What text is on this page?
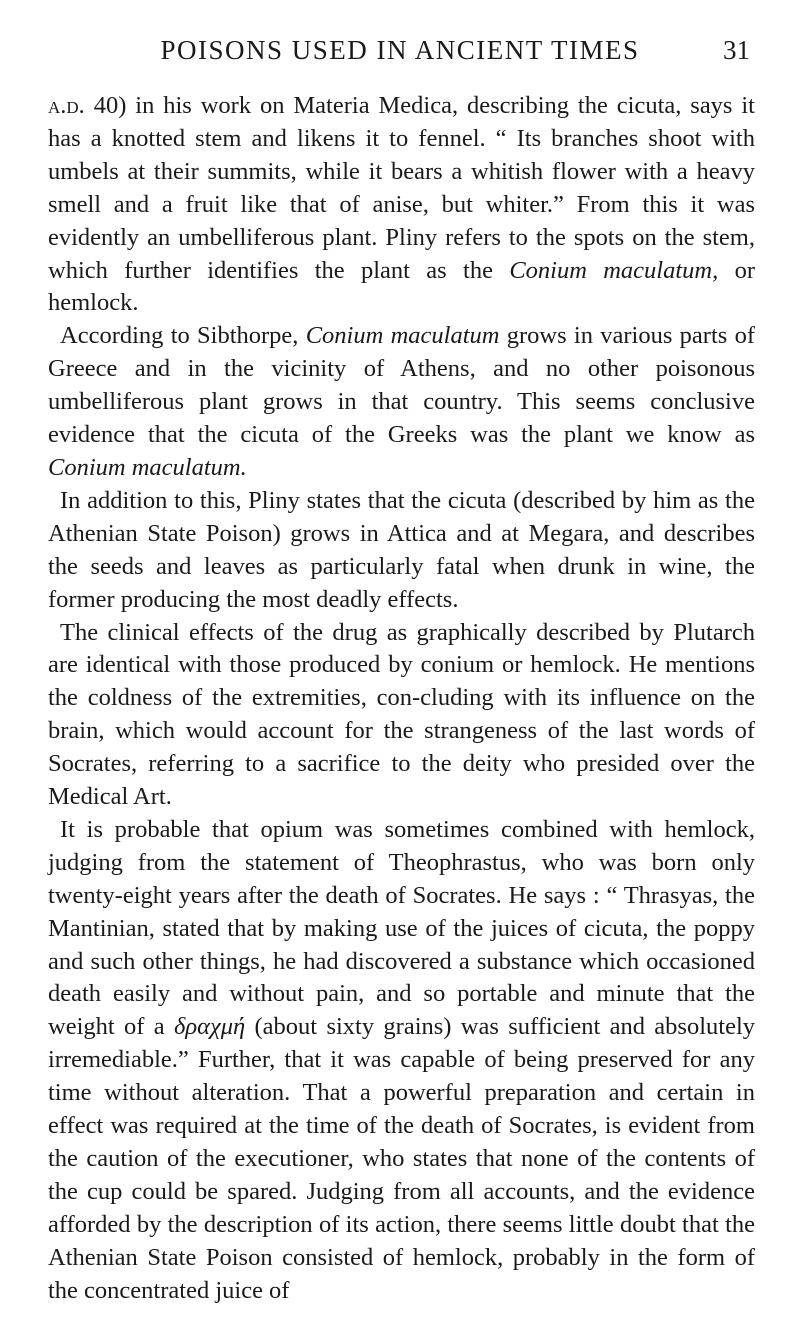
POISONS USED IN ANCIENT TIMES	31

a.d. 40) in his work on Materia Medica, describing the cicuta, says it has a knotted stem and likens it to fennel. “ Its branches shoot with umbels at their summits, while it bears a whitish flower with a heavy smell and a fruit like that of anise, but whiter.” From this it was evidently an umbelliferous plant. Pliny refers to the spots on the stem, which further identifies the plant as the Conium maculatum, or hemlock.

According to Sibthorpe, Conium maculatum grows in various parts of Greece and in the vicinity of Athens, and no other poisonous umbelliferous plant grows in that country. This seems conclusive evidence that the cicuta of the Greeks was the plant we know as Conium maculatum.

In addition to this, Pliny states that the cicuta (described by him as the Athenian State Poison) grows in Attica and at Megara, and describes the seeds and leaves as particularly fatal when drunk in wine, the former producing the most deadly effects.

The clinical effects of the drug as graphically described by Plutarch are identical with those produced by conium or hemlock. He mentions the coldness of the extremities, con-cluding with its influence on the brain, which would account for the strangeness of the last words of Socrates, referring to a sacrifice to the deity who presided over the Medical Art.

It is probable that opium was sometimes combined with hemlock, judging from the statement of Theophrastus, who was born only twenty-eight years after the death of Socrates. He says : “ Thrasyas, the Mantinian, stated that by making use of the juices of cicuta, the poppy and such other things, he had discovered a substance which occasioned death easily and without pain, and so portable and minute that the weight of a δραχμή (about sixty grains) was sufficient and absolutely irremediable.” Further, that it was capable of being preserved for any time without alteration. That a powerful preparation and certain in effect was required at the time of the death of Socrates, is evident from the caution of the executioner, who states that none of the contents of the cup could be spared. Judging from all accounts, and the evidence afforded by the description of its action, there seems little doubt that the Athenian State Poison consisted of hemlock, probably in the form of the concentrated juice of
